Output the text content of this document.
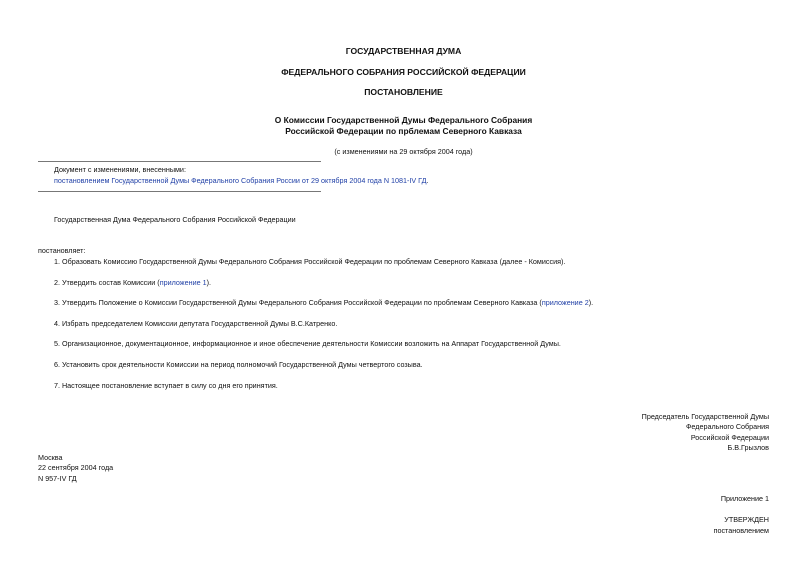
ГОСУДАРСТВЕННАЯ ДУМА
ФЕДЕРАЛЬНОГО СОБРАНИЯ РОССИЙСКОЙ ФЕДЕРАЦИИ
ПОСТАНОВЛЕНИЕ
О Комиссии Государственной Думы Федерального Собрания
Российской Федерации по прблемам Северного Кавказа
(с изменениями на 29 октября 2004 года)
Документ с изменениями, внесенными:
постановлением Государственной Думы Федерального Собрания России от 29 октября 2004 года N 1081-IV ГД.
Государственная Дума Федерального Собрания Российской Федерации
постановляет:
1. Образовать Комиссию Государственной Думы Федерального Собрания Российской Федерации по проблемам Северного Кавказа (далее - Комиссия).
2. Утвердить состав Комиссии (приложение 1).
3. Утвердить Положение о Комиссии Государственной Думы Федерального Собрания Российской Федерации по проблемам Северного Кавказа (приложение 2).
4. Избрать председателем Комиссии депутата Государственной Думы В.С.Катренко.
5. Организационное, документационное, информационное и иное обеспечение деятельности Комиссии возложить на Аппарат Государственной Думы.
6. Установить срок деятельности Комиссии на период полномочий Государственной Думы четвертого созыва.
7. Настоящее постановление вступает в силу со дня его принятия.
Председатель Государственной Думы
Федерального Собрания
Российской Федерации
Б.В.Грызлов
Москва
22 сентября 2004 года
N 957-IV ГД
Приложение 1
УТВЕРЖДЕН
постановлением
